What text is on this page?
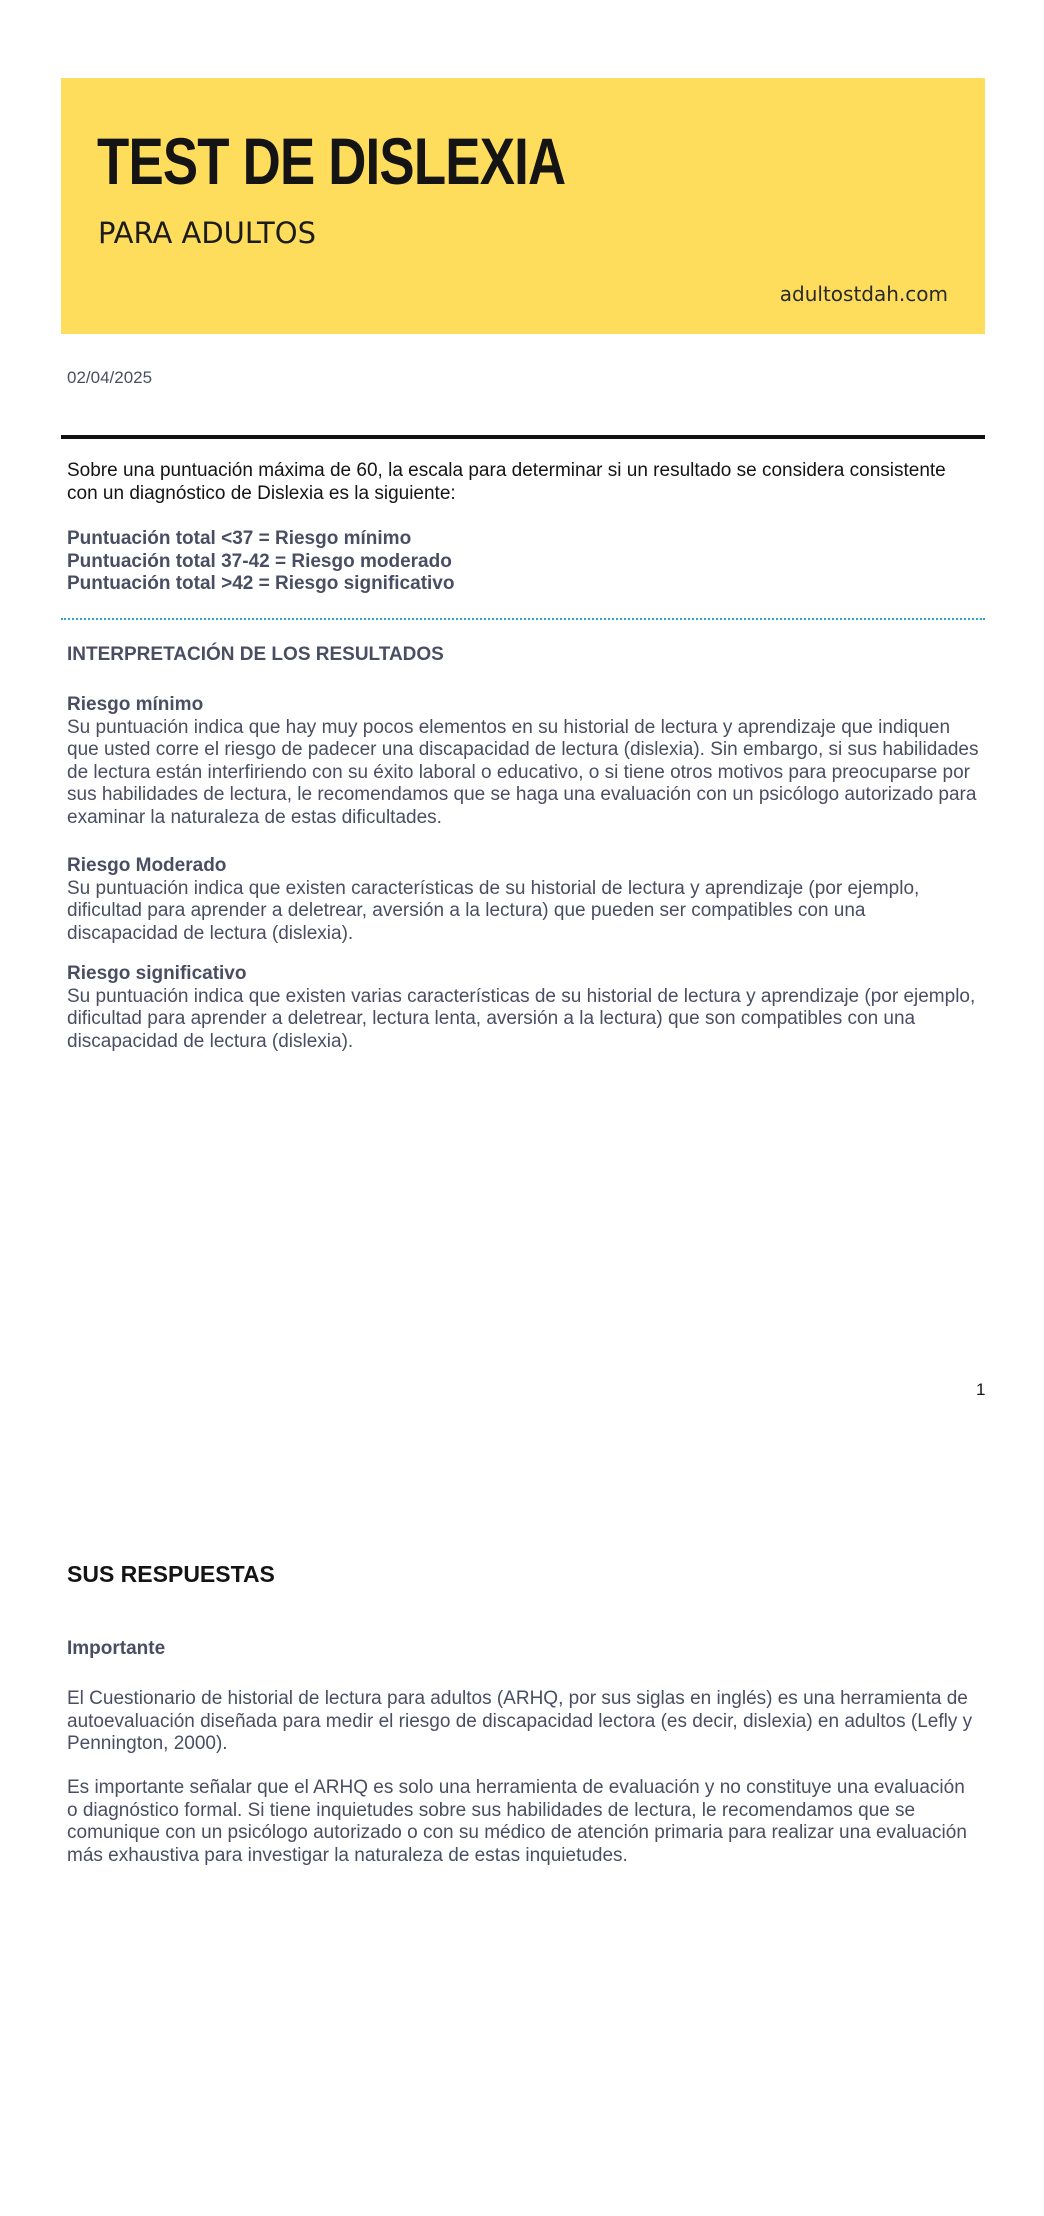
TEST DE DISLEXIA
PARA ADULTOS
adultostdah.com
02/04/2025
Sobre una puntuación máxima de 60, la escala para determinar si un resultado se considera consistente con un diagnóstico de Dislexia es la siguiente:
Puntuación total <37 = Riesgo mínimo
Puntuación total 37-42 = Riesgo moderado
Puntuación total >42 = Riesgo significativo
INTERPRETACIÓN DE LOS RESULTADOS
Riesgo mínimo
Su puntuación indica que hay muy pocos elementos en su historial de lectura y aprendizaje que indiquen que usted corre el riesgo de padecer una discapacidad de lectura (dislexia). Sin embargo, si sus habilidades de lectura están interfiriendo con su éxito laboral o educativo, o si tiene otros motivos para preocuparse por sus habilidades de lectura, le recomendamos que se haga una evaluación con un psicólogo autorizado para examinar la naturaleza de estas dificultades.
Riesgo Moderado
Su puntuación indica que existen características de su historial de lectura y aprendizaje (por ejemplo, dificultad para aprender a deletrear, aversión a la lectura) que pueden ser compatibles con una discapacidad de lectura (dislexia).
Riesgo significativo
Su puntuación indica que existen varias características de su historial de lectura y aprendizaje (por ejemplo, dificultad para aprender a deletrear, lectura lenta, aversión a la lectura) que son compatibles con una discapacidad de lectura (dislexia).
1
SUS RESPUESTAS
Importante
El Cuestionario de historial de lectura para adultos (ARHQ, por sus siglas en inglés) es una herramienta de autoevaluación diseñada para medir el riesgo de discapacidad lectora (es decir, dislexia) en adultos (Lefly y Pennington, 2000).
Es importante señalar que el ARHQ es solo una herramienta de evaluación y no constituye una evaluación o diagnóstico formal. Si tiene inquietudes sobre sus habilidades de lectura, le recomendamos que se comunique con un psicólogo autorizado o con su médico de atención primaria para realizar una evaluación más exhaustiva para investigar la naturaleza de estas inquietudes.
